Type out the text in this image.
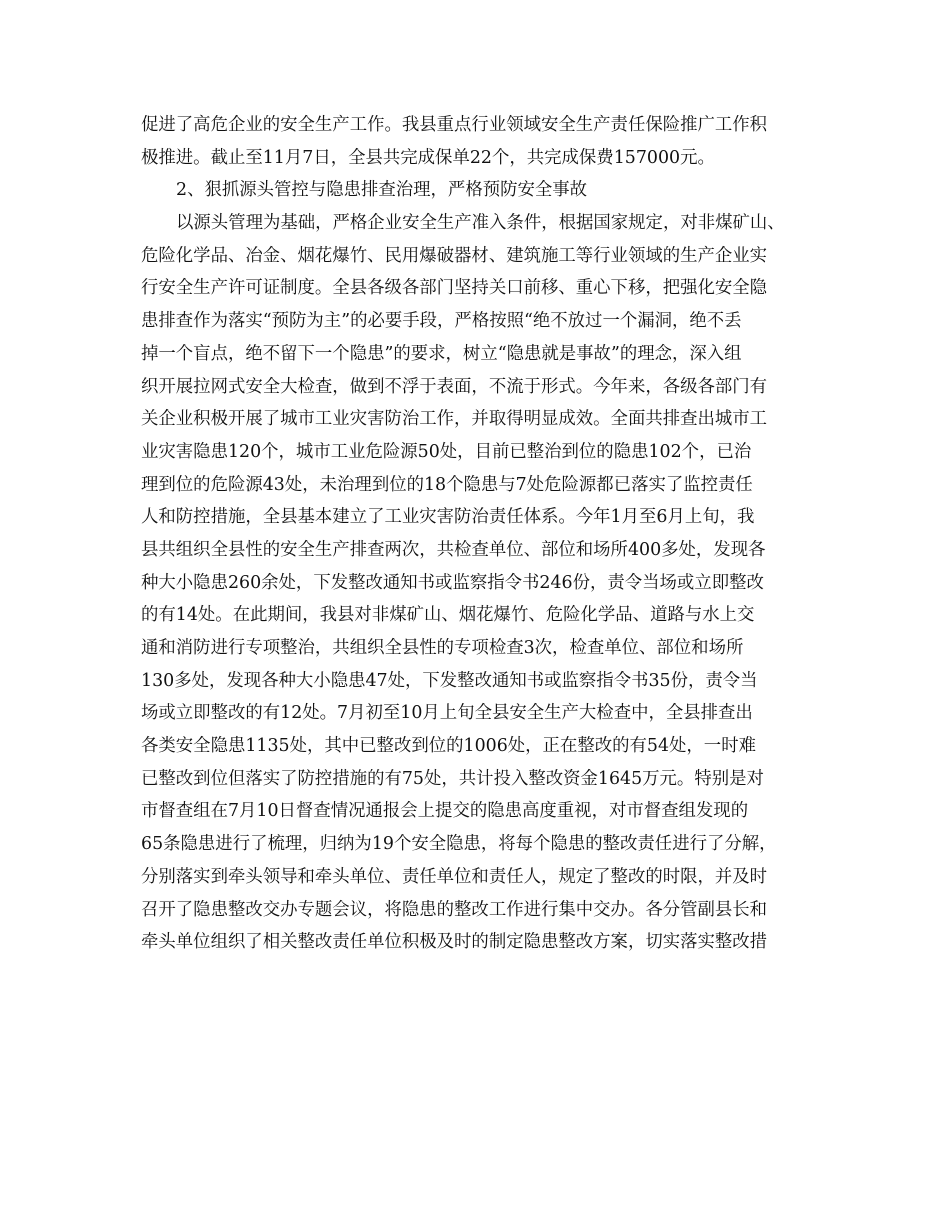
促进了高危企业的安全生产工作。我县重点行业领域安全生产责任保险推广工作积
极推进。截止至11月7日，全县共完成保单22个，共完成保费157000元。
2、狠抓源头管控与隐患排查治理，严格预防安全事故
以源头管理为基础，严格企业安全生产准入条件，根据国家规定，对非煤矿山、
危险化学品、冶金、烟花爆竹、民用爆破器材、建筑施工等行业领域的生产企业实
行安全生产许可证制度。全县各级各部门坚持关口前移、重心下移，把强化安全隐
患排查作为落实“预防为主”的必要手段，严格按照“绝不放过一个漏洞，绝不丢
掉一个盲点，绝不留下一个隐患”的要求，树立“隐患就是事故”的理念，深入组
织开展拉网式安全大检查，做到不浮于表面，不流于形式。今年来，各级各部门有
关企业积极开展了城市工业灾害防治工作，并取得明显成效。全面共排查出城市工
业灾害隐患120个，城市工业危险源50处，目前已整治到位的隐患102个，已治
理到位的危险源43处，未治理到位的18个隐患与7处危险源都已落实了监控责任
人和防控措施，全县基本建立了工业灾害防治责任体系。今年1月至6月上旬，我
县共组织全县性的安全生产排查两次，共检查单位、部位和场所400多处，发现各
种大小隐患260余处，下发整改通知书或监察指令书246份，责令当场或立即整改
的有14处。在此期间，我县对非煤矿山、烟花爆竹、危险化学品、道路与水上交
通和消防进行专项整治，共组织全县性的专项检查3次，检查单位、部位和场所
130多处，发现各种大小隐患47处，下发整改通知书或监察指令书35份，责令当
场或立即整改的有12处。7月初至10月上旬全县安全生产大检查中，全县排查出
各类安全隐患1135处，其中已整改到位的1006处，正在整改的有54处，一时难
已整改到位但落实了防控措施的有75处，共计投入整改资金1645万元。特别是对
市督查组在7月10日督查情况通报会上提交的隐患高度重视，对市督查组发现的
65条隐患进行了梳理，归纳为19个安全隐患，将每个隐患的整改责任进行了分解，
分别落实到牵头领导和牵头单位、责任单位和责任人，规定了整改的时限，并及时
召开了隐患整改交办专题会议，将隐患的整改工作进行集中交办。各分管副县长和
牵头单位组织了相关整改责任单位积极及时的制定隐患整改方案，切实落实整改措
